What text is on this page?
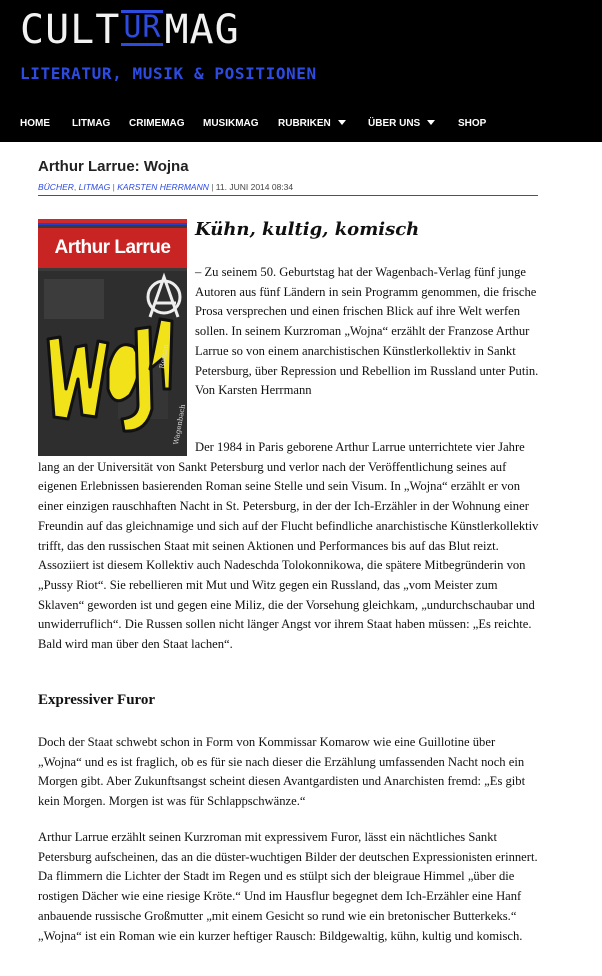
CULT UR MAG
LITERATUR, MUSIK & POSITIONEN
HOME LITMAG CRIMEMAG MUSIKMAG RUBRIKEN	ÜBER UNS	SHOP
Arthur Larrue: Wojna
BÜCHER, LITMAG | KARSTEN HERRMANN | 11. JUNI 2014 08:34
Arthur Larrue
Roman
Wagenbach
Kühn, kultig, komisch

– Zu seinem 50. Geburtstag hat der Wagenbach-Verlag fünf junge Autoren aus fünf Ländern in sein Programm genommen, die frische Prosa versprechen und einen frischen Blick auf ihre Welt werfen sollen. In seinem Kurzroman „Wojna“ erzählt der Franzose Arthur Larrue so von einem anarchistischen Künstlerkollektiv in Sankt Petersburg, über Repression und Rebellion im Russland unter Putin. Von Karsten Herrmann

Der 1984 in Paris geborene Arthur Larrue unterrichtete vier Jahre lang an der Universität von Sankt Petersburg und verlor nach der Veröffentlichung seines auf eigenen Erlebnissen basierenden Roman seine Stelle und sein Visum. In „Wojna“ erzählt er von einer einzigen rauschhaften Nacht in St. Petersburg, in der der Ich-Erzähler in der Wohnung einer Freundin auf das gleichnamige und sich auf der Flucht befindliche anarchistische Künstlerkollektiv trifft, das den russischen Staat mit seinen Aktionen und Performances bis auf das Blut reizt. Assoziiert ist diesem Kollektiv auch Nadeschda Tolokonnikowa, die spätere Mitbegründerin von „Pussy Riot“. Sie rebellieren mit Mut und Witz gegen ein Russland, das „vom Meister zum Sklaven“ geworden ist und gegen eine Miliz, die der Vorsehung gleichkam, „undurchschaubar und unwiderruflich“. Die Russen sollen nicht länger Angst vor ihrem Staat haben müssen: „Es reichte. Bald wird man über den Staat lachen“.
Expressiver Furor

Doch der Staat schwebt schon in Form von Kommissar Komarow wie eine Guillotine über „Wojna“ und es ist fraglich, ob es für sie nach dieser die Erzählung umfassenden Nacht noch ein Morgen gibt. Aber Zukunftsangst scheint diesen Avantgardisten und Anarchisten fremd: „Es gibt kein Morgen. Morgen ist was für Schlappschwänze.“

Arthur Larrue erzählt seinen Kurzroman mit expressivem Furor, lässt ein nächtliches Sankt Petersburg aufscheinen, das an die düster-wuchtigen Bilder der deutschen Expressionisten erinnert. Da flimmern die Lichter der Stadt im Regen und es stülpt sich der bleigraue Himmel „über die rostigen Dächer wie eine riesige Kröte.“ Und im Hausflur begegnet dem Ich-Erzähler eine Hanf anbauende russische Großmutter „mit einem Gesicht so rund wie ein bretonischer Butterkeks.“ „Wojna“ ist ein Roman wie ein kurzer heftiger Rausch: Bildgewaltig, kühn, kultig und komisch.
